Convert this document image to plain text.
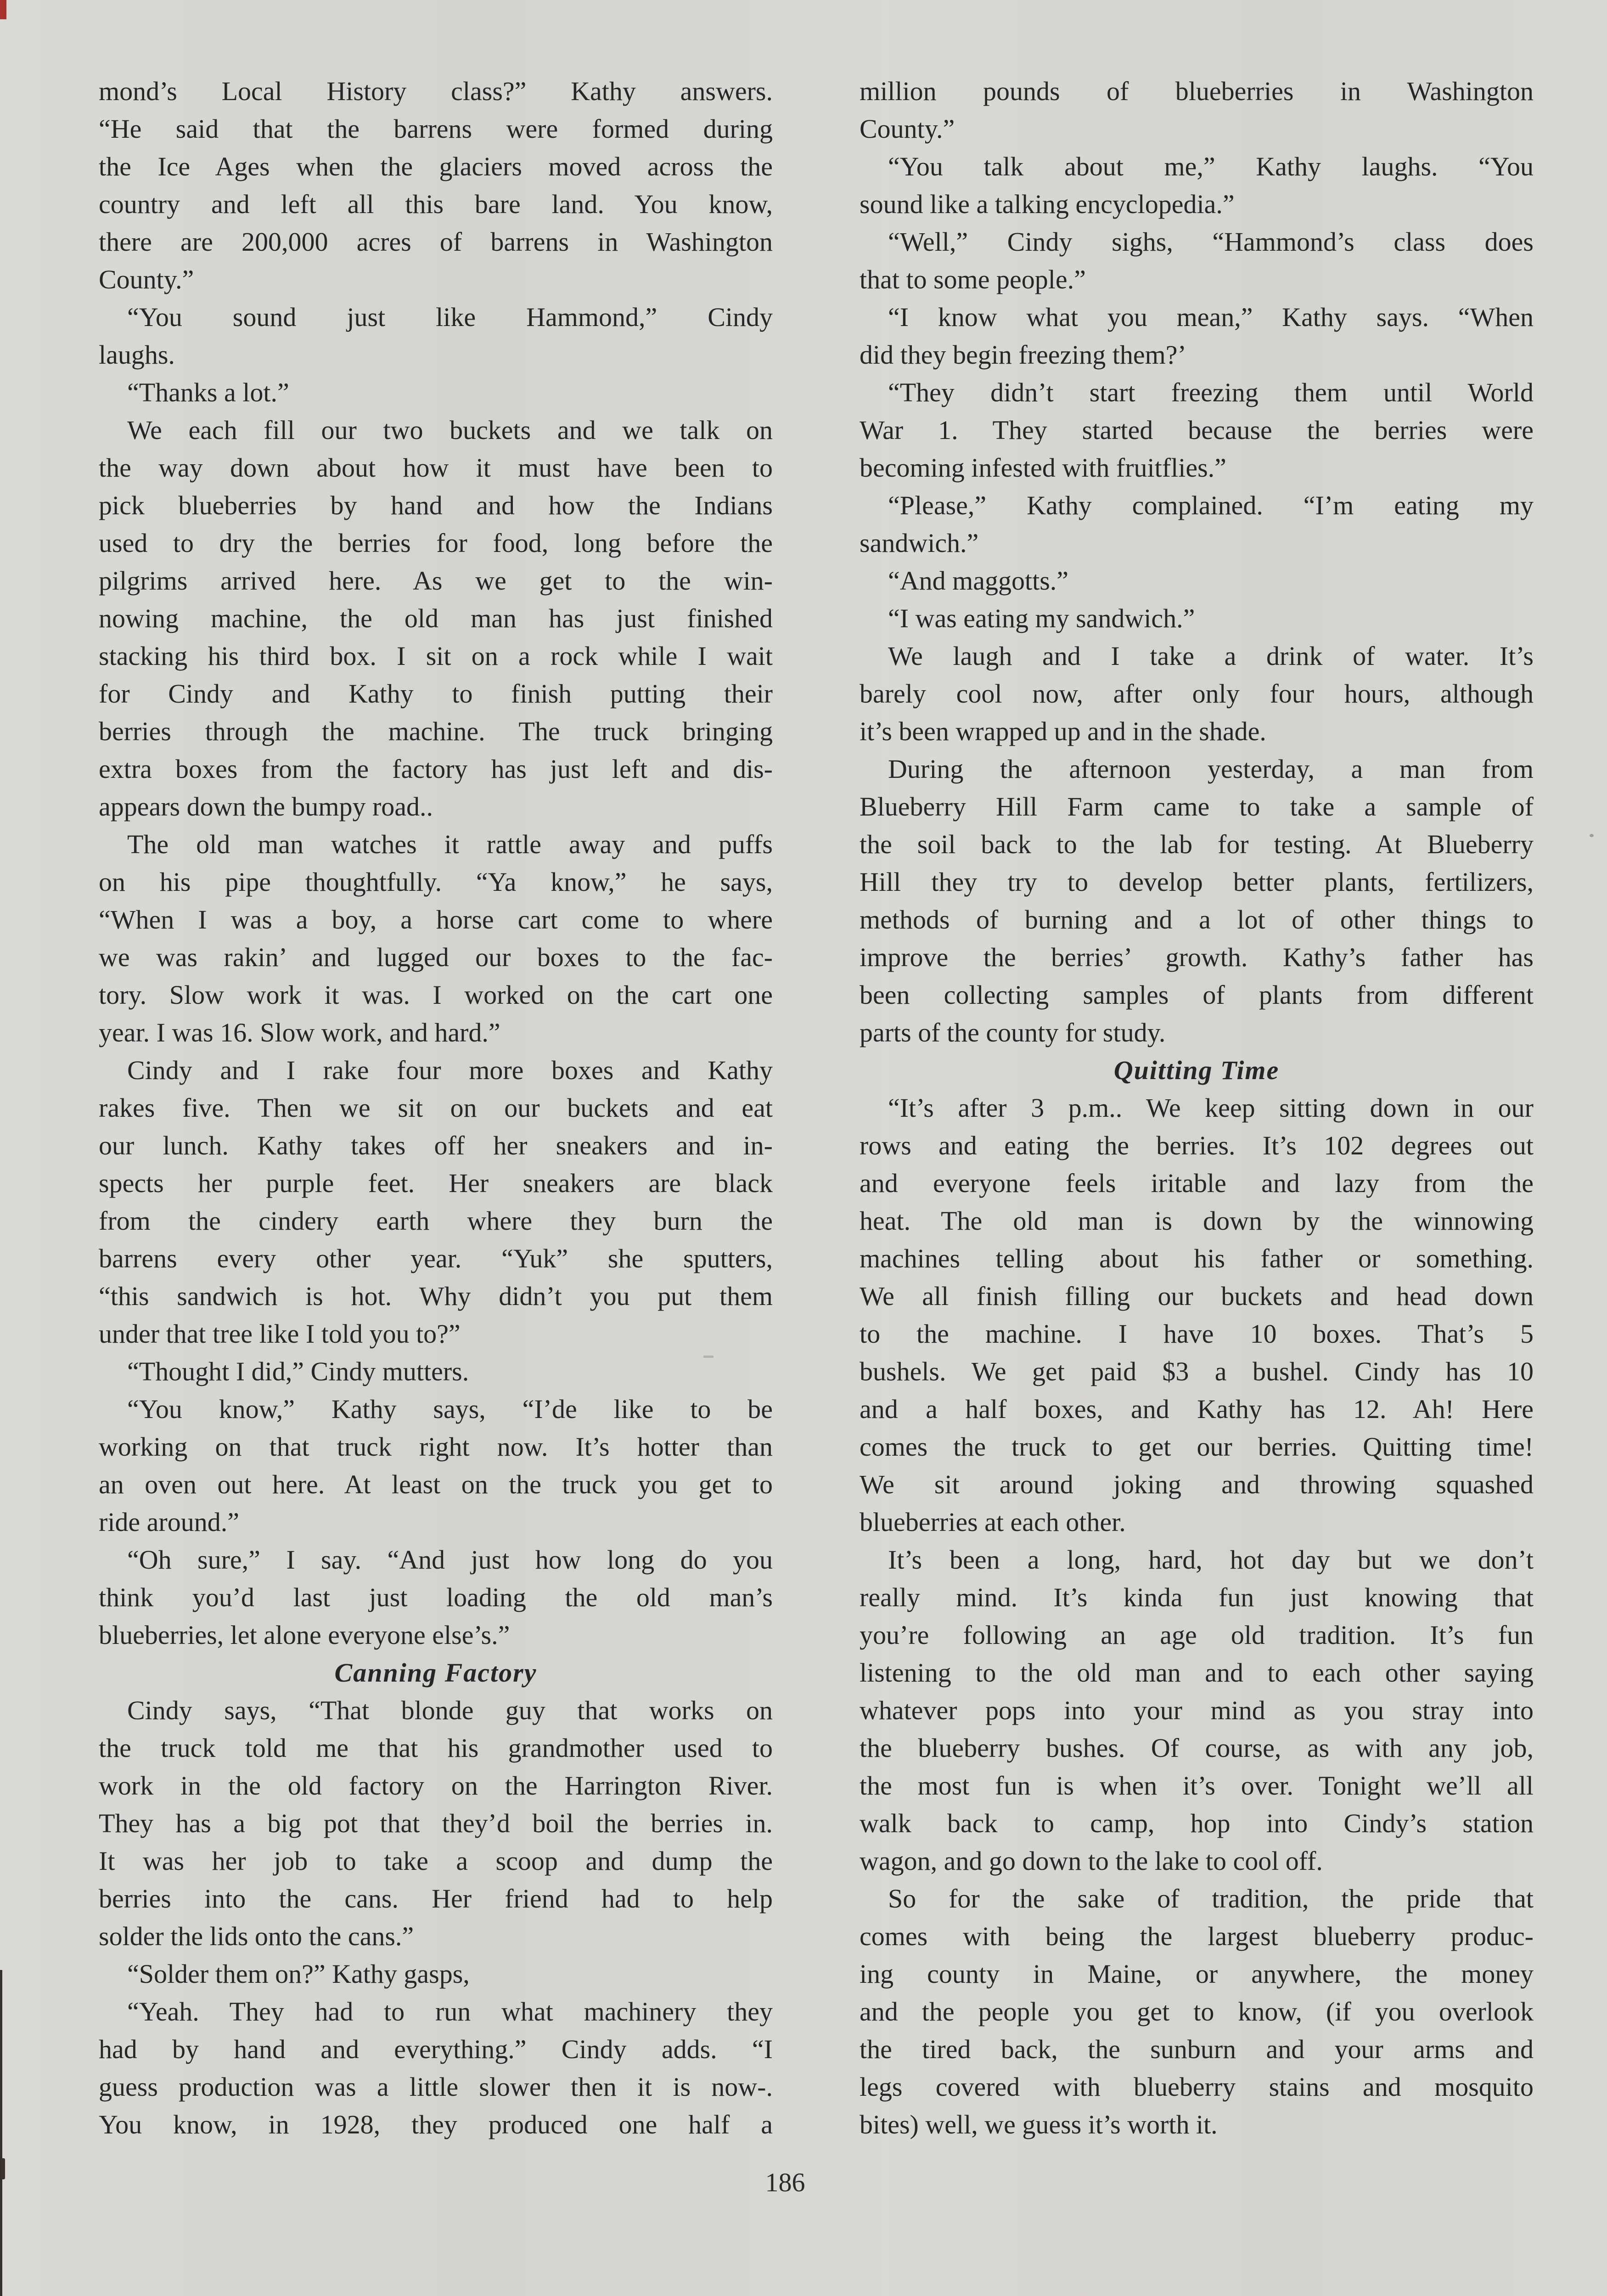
mond’s Local History class?” Kathy answers.
“He said that the barrens were formed during
the Ice Ages when the glaciers moved across the
country and left all this bare land. You know,
there are 200,000 acres of barrens in Washington
County.”
“You sound just like Hammond,” Cindy
laughs.
“Thanks a lot.”
We each fill our two buckets and we talk on
the way down about how it must have been to
pick blueberries by hand and how the Indians
used to dry the berries for food, long before the
pilgrims arrived here. As we get to the win-
nowing machine, the old man has just finished
stacking his third box. I sit on a rock while I wait
for Cindy and Kathy to finish putting their
berries through the machine. The truck bringing
extra boxes from the factory has just left and dis-
appears down the bumpy road..
The old man watches it rattle away and puffs
on his pipe thoughtfully. “Ya know,” he says,
“When I was a boy, a horse cart come to where
we was rakin’ and lugged our boxes to the fac-
tory. Slow work it was. I worked on the cart one
year. I was 16. Slow work, and hard.”
Cindy and I rake four more boxes and Kathy
rakes five. Then we sit on our buckets and eat
our lunch. Kathy takes off her sneakers and in-
spects her purple feet. Her sneakers are black
from the cindery earth where they burn the
barrens every other year. “Yuk” she sputters,
“this sandwich is hot. Why didn’t you put them
under that tree like I told you to?”
“Thought I did,” Cindy mutters.
“You know,” Kathy says, “I’de like to be
working on that truck right now. It’s hotter than
an oven out here. At least on the truck you get to
ride around.”
“Oh sure,” I say. “And just how long do you
think you’d last just loading the old man’s
blueberries, let alone everyone else’s.”
Canning Factory
Cindy says, “That blonde guy that works on
the truck told me that his grandmother used to
work in the old factory on the Harrington River.
They has a big pot that they’d boil the berries in.
It was her job to take a scoop and dump the
berries into the cans. Her friend had to help
solder the lids onto the cans.”
“Solder them on?” Kathy gasps,
“Yeah. They had to run what machinery they
had by hand and everything.” Cindy adds. “I
guess production was a little slower then it is now-.
You know, in 1928, they produced one half a
million pounds of blueberries in Washington
County.”
“You talk about me,” Kathy laughs. “You
sound like a talking encyclopedia.”
“Well,” Cindy sighs, “Hammond’s class does
that to some people.”
“I know what you mean,” Kathy says. “When
did they begin freezing them?’
“They didn’t start freezing them until World
War 1. They started because the berries were
becoming infested with fruitflies.”
“Please,” Kathy complained. “I’m eating my
sandwich.”
“And maggotts.”
“I was eating my sandwich.”
We laugh and I take a drink of water. It’s
barely cool now, after only four hours, although
it’s been wrapped up and in the shade.
During the afternoon yesterday, a man from
Blueberry Hill Farm came to take a sample of
the soil back to the lab for testing. At Blueberry
Hill they try to develop better plants, fertilizers,
methods of burning and a lot of other things to
improve the berries’ growth. Kathy’s father has
been collecting samples of plants from different
parts of the county for study.
Quitting Time
“It’s after 3 p.m.. We keep sitting down in our
rows and eating the berries. It’s 102 degrees out
and everyone feels iritable and lazy from the
heat. The old man is down by the winnowing
machines telling about his father or something.
We all finish filling our buckets and head down
to the machine. I have 10 boxes. That’s 5
bushels. We get paid $3 a bushel. Cindy has 10
and a half boxes, and Kathy has 12. Ah! Here
comes the truck to get our berries. Quitting time!
We sit around joking and throwing squashed
blueberries at each other.
It’s been a long, hard, hot day but we don’t
really mind. It’s kinda fun just knowing that
you’re following an age old tradition. It’s fun
listening to the old man and to each other saying
whatever pops into your mind as you stray into
the blueberry bushes. Of course, as with any job,
the most fun is when it’s over. Tonight we’ll all
walk back to camp, hop into Cindy’s station
wagon, and go down to the lake to cool off.
So for the sake of tradition, the pride that
comes with being the largest blueberry produc-
ing county in Maine, or anywhere, the money
and the people you get to know, (if you overlook
the tired back, the sunburn and your arms and
legs covered with blueberry stains and mosquito
bites) well, we guess it’s worth it.
186
